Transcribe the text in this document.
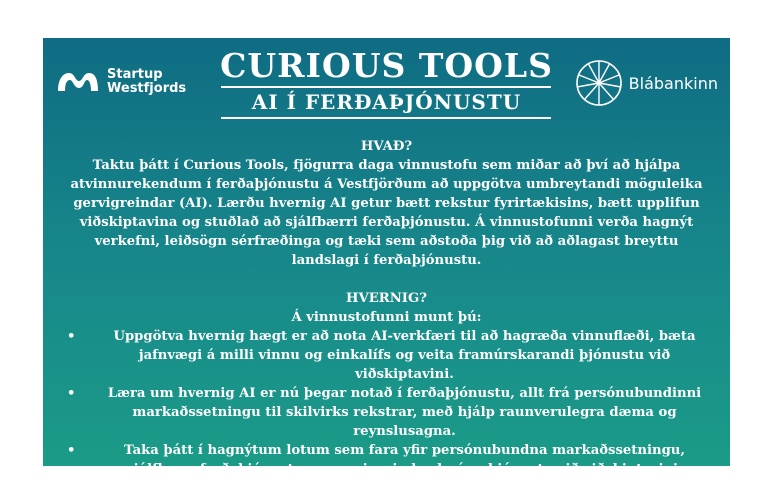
Startup
Westfjords
CURIOUS TOOLS
AI Í FERÐAÞJÓNUSTU
Blábankinn

HVAÐ?

Taktu þátt í Curious Tools, fjögurra daga vinnustofu sem miðar að því að hjálpa atvinnurekendum í ferðaþjónustu á Vestfjörðum að uppgötva umbreytandi möguleika gervigreindar (AI). Lærðu hvernig AI getur bætt rekstur fyrirtækisins, bætt upplifun viðskiptavina og stuðlað að sjálfbærri ferðaþjónustu. Á vinnustofunni verða hagnýt verkefni, leiðsögn sérfræðinga og tæki sem aðstoða þig við að aðlagast breyttu landslagi í ferðaþjónustu.

HVERNIG?

Á vinnustofunni munt þú:

•	Uppgötva hvernig hægt er að nota AI-verkfæri til að hagræða vinnuflæði, bæta jafnvægi á milli vinnu og einkalífs og veita framúrskarandi þjónustu við viðskiptavini.
• Læra um hvernig AI er nú þegar notað í ferðaþjónustu, allt frá persónubundinni markaðssetningu til skilvirks rekstrar, með hjálp raunverulegra dæma og reynslusagna.
•	Taka þátt í hagnýtum lotum sem fara yfir persónubundna markaðssetningu, sjálfbæra ferðaþjónustu og gervigreindar-knúna þjónustu við viðskiptavini.
